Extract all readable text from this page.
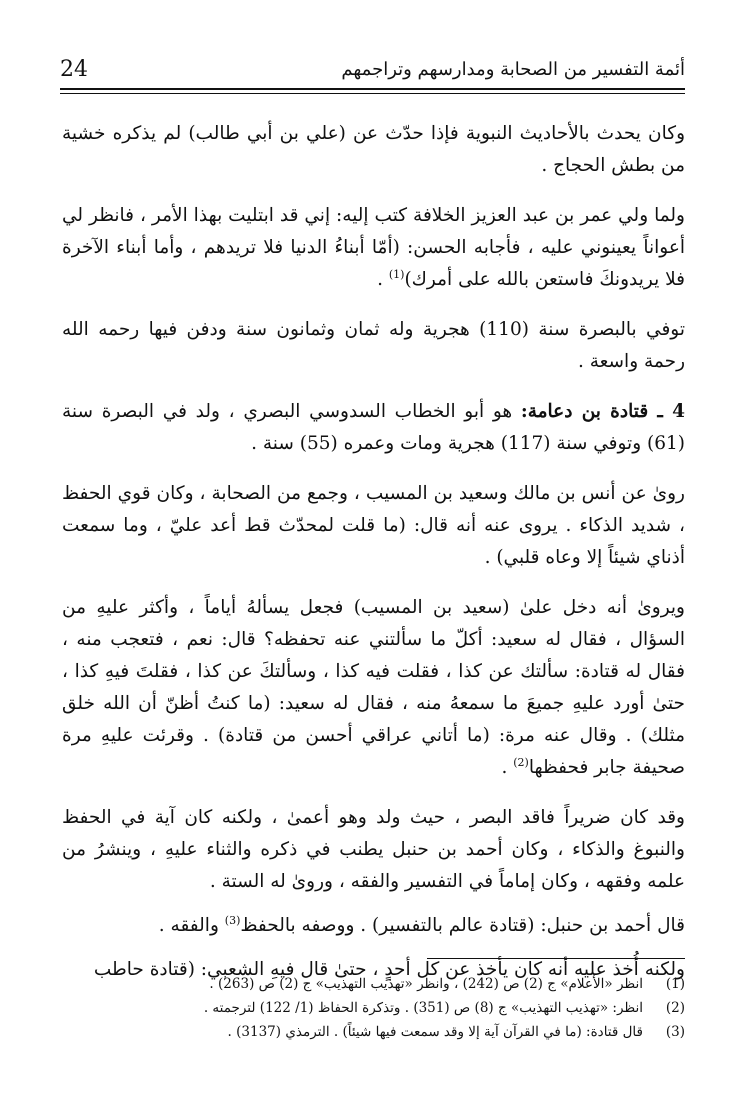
24	أئمة التفسير من الصحابة ومدارسهم وتراجمهم

وكان يحدث بالأحاديث النبوية فإذا حدّث عن (علي بن أبي طالب) لم يذكره خشية من بطش الحجاج .

ولما ولي عمر بن عبد العزيز الخلافة كتب إليه: إني قد ابتليت بهذا الأمر ، فانظر لي أعواناً يعينوني عليه ، فأجابه الحسن: (أمّا أبناءُ الدنيا فلا تريدهم ، وأما أبناء الآخرة فلا يريدونكَ فاستعن بالله على أمرك)$^{(1)}$ .

توفي بالبصرة سنة (110) هجرية وله ثمان وثمانون سنة ودفن فيها رحمه الله رحمة واسعة .

4 ـ قتادة بن دعامة: هو أبو الخطاب السدوسي البصري ، ولد في البصرة سنة (61) وتوفي سنة (117) هجرية ومات وعمره (55) سنة .

روىٰ عن أنس بن مالك وسعيد بن المسيب ، وجمع من الصحابة ، وكان قوي الحفظ ، شديد الذكاء . يروى عنه أنه قال: (ما قلت لمحدّث قط أعد عليّ ، وما سمعت أذناي شيئاً إلا وعاه قلبي) .

ويروىٰ أنه دخل علىٰ (سعيد بن المسيب) فجعل يسألهُ أياماً ، وأكثر عليهِ من السؤال ، فقال له سعيد: أكلّ ما سألتني عنه تحفظه؟ قال: نعم ، فتعجب منه ، فقال له قتادة: سألتك عن كذا ، فقلت فيه كذا ، وسألتكَ عن كذا ، فقلتَ فيهِ كذا ، حتىٰ أورد عليهِ جميعَ ما سمعهُ منه ، فقال له سعيد: (ما كنتُ أظنّ أن الله خلق مثلك) . وقال عنه مرة: (ما أتاني عراقي أحسن من قتادة) . وقرئت عليهِ مرة صحيفة جابر فحفظها$^{(2)}$ .

وقد كان ضريراً فاقد البصر ، حيث ولد وهو أعمىٰ ، ولكنه كان آية في الحفظ والنبوغ والذكاء ، وكان أحمد بن حنبل يطنب في ذكره والثناء عليهِ ، وينشرُ من علمه وفقهه ، وكان إماماً في التفسير والفقه ، وروىٰ له الستة .

قال أحمد بن حنبل: (قتادة عالم بالتفسير) . ووصفه بالحفظ$^{(3)}$ والفقه .

ولكنه أُخذ عليه أنه كان يأخذ عن كل أحدٍ ، حتىٰ قال فيهِ الشعبي: (قتادة حاطب

(1)
انظر «الأعلام» ج (2) ص (242) ، وانظر «تهذيب التهذيب» ج (2) ص (263) .
(2)
انظر: «تهذيب التهذيب» ج (8) ص (351) . وتذكرة الحفاظ (1/ 122) لترجمته .
(3)
قال قتادة: (ما في القرآن آية إلا وقد سمعت فيها شيئاً) . الترمذي (3137) .
